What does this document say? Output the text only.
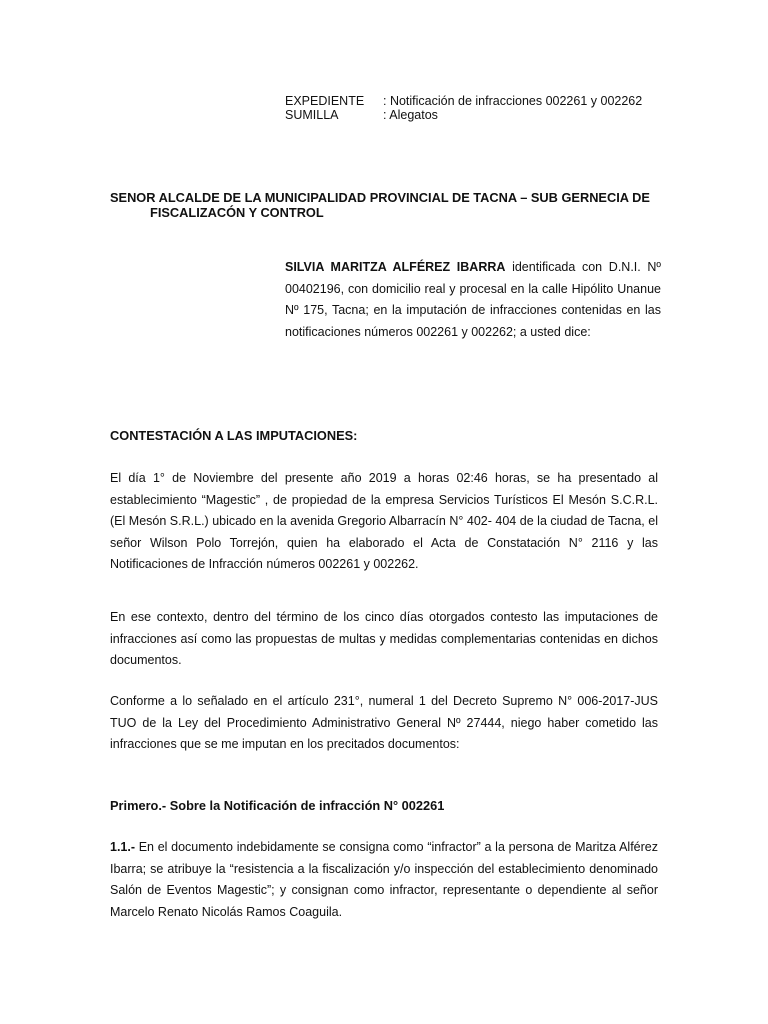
EXPEDIENTE	: Notificación de infracciones 002261 y 002262
SUMILLA	: Alegatos
SENOR ALCALDE DE LA MUNICIPALIDAD PROVINCIAL DE TACNA – SUB GERNECIA DE
FISCALIZACÓN Y CONTROL
SILVIA MARITZA ALFÉREZ IBARRA identificada con D.N.I. Nº 00402196, con domicilio real y procesal en la calle Hipólito Unanue Nº 175, Tacna; en la imputación de infracciones contenidas en las notificaciones números 002261 y 002262; a usted dice:
CONTESTACIÓN A LAS IMPUTACIONES:

El día 1° de Noviembre del presente año 2019 a horas 02:46 horas, se ha presentado al establecimiento “Magestic” , de propiedad de la empresa Servicios Turísticos El Mesón S.C.R.L. (El Mesón S.R.L.) ubicado en la avenida Gregorio Albarracín N° 402- 404 de la ciudad de Tacna, el señor Wilson Polo Torrejón, quien ha elaborado el Acta de Constatación N° 2116 y las Notificaciones de Infracción números 002261 y 002262.

En ese contexto, dentro del término de los cinco días otorgados contesto las imputaciones de infracciones así como las propuestas de multas y medidas complementarias contenidas en dichos documentos.

Conforme a lo señalado en el artículo 231°, numeral 1 del Decreto Supremo N° 006-2017-JUS TUO de la Ley del Procedimiento Administrativo General Nº 27444, niego haber cometido las infracciones que se me imputan en los precitados documentos:

Primero.- Sobre la Notificación de infracción N° 002261

1.1.- En el documento indebidamente se consigna como “infractor” a la persona de Maritza Alférez Ibarra; se atribuye la “resistencia a la fiscalización y/o inspección del establecimiento denominado Salón de Eventos Magestic”; y consignan como infractor, representante o dependiente al señor Marcelo Renato Nicolás Ramos Coaguila.
